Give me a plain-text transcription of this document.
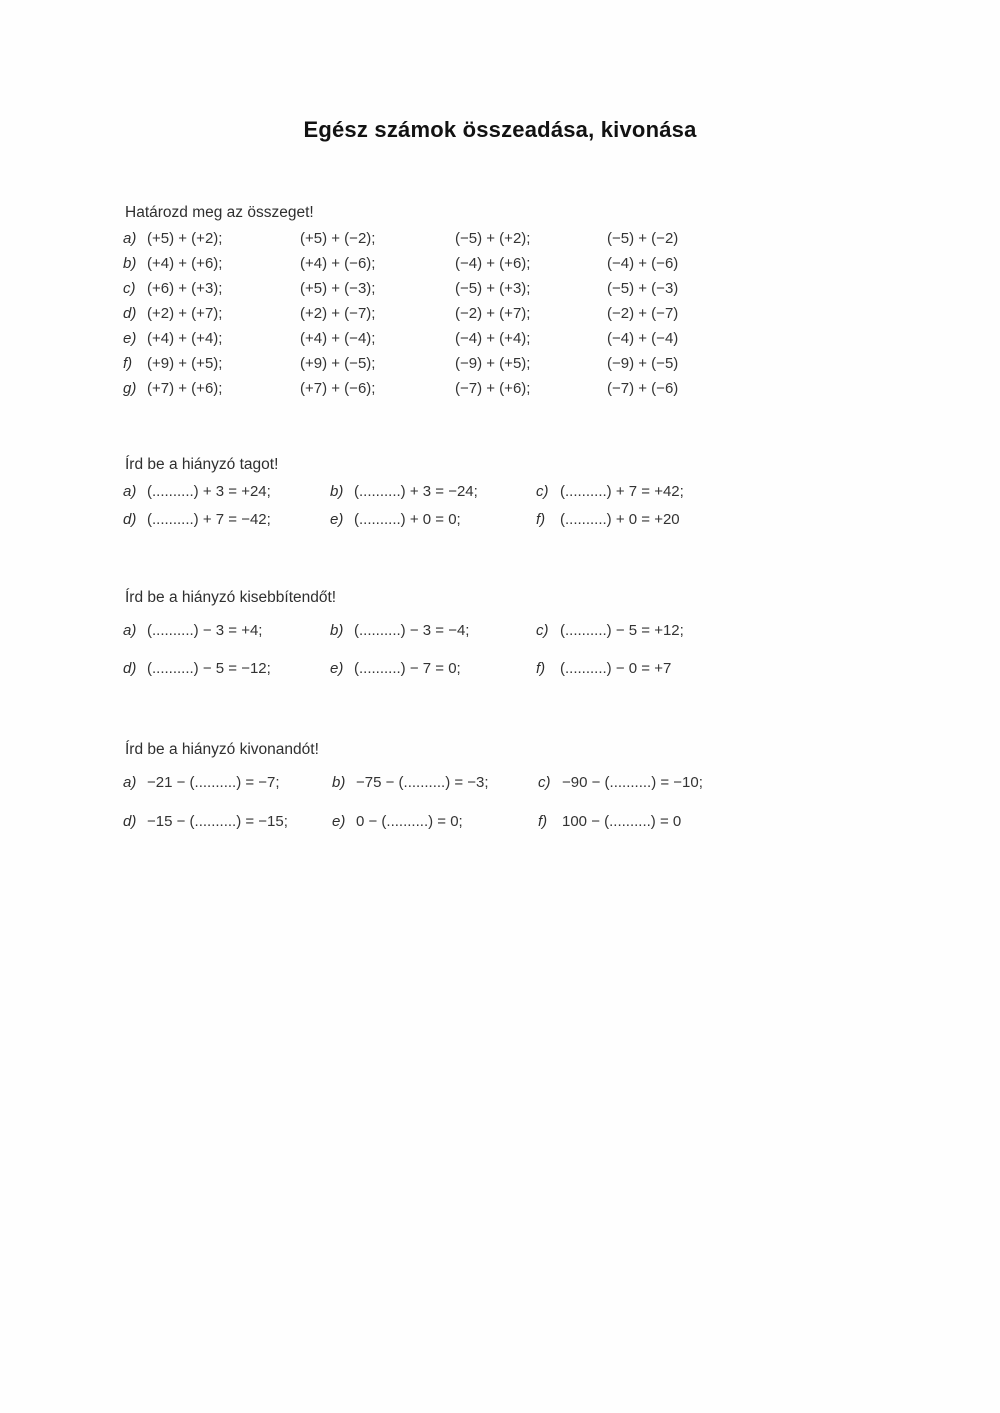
Egész számok összeadása, kivonása
Határozd meg az összeget!
a) (+5) + (+2);	(+5) + (−2);	(−5) + (+2);	(−5) + (−2)
b) (+4) + (+6);	(+4) + (−6);	(−4) + (+6);	(−4) + (−6)
c) (+6) + (+3);	(+5) + (−3);	(−5) + (+3);	(−5) + (−3)
d) (+2) + (+7);	(+2) + (−7);	(−2) + (+7);	(−2) + (−7)
e) (+4) + (+4);	(+4) + (−4);	(−4) + (+4);	(−4) + (−4)
f) (+9) + (+5);	(+9) + (−5);	(−9) + (+5);	(−9) + (−5)
g) (+7) + (+6);	(+7) + (−6);	(−7) + (+6);	(−7) + (−6)
Írd be a hiányzó tagot!
a) (..........) + 3 = +24;	b) (..........) + 3 = −24;	c) (..........) + 7 = +42;
d) (..........) + 7 = −42;	e) (..........) + 0 = 0;	f) (..........) + 0 = +20
Írd be a hiányzó kisebbítendőt!
a) (..........) − 3 = +4;	b) (..........) − 3 = −4;	c) (..........) − 5 = +12;
d) (..........) − 5 = −12;	e) (..........) − 7 = 0;	f) (..........) − 0 = +7
Írd be a hiányzó kivonandót!
a) −21 − (..........) = −7;	b) −75 − (..........) = −3;	c) −90 − (..........) = −10;
d) −15 − (..........) = −15;	e) 0 − (..........) = 0;	f) 100 − (..........) = 0
